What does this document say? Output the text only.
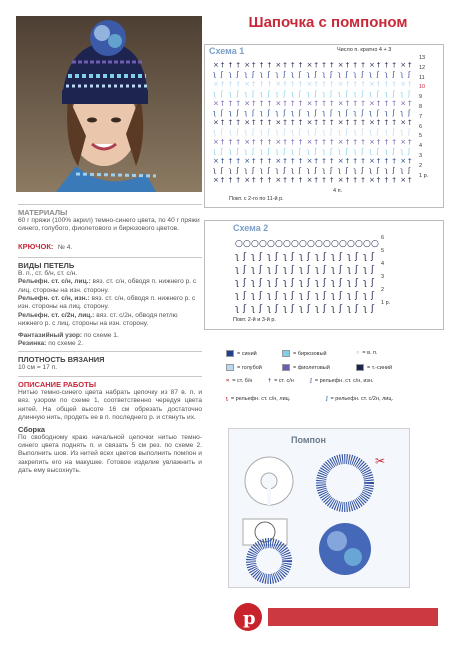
Шапочка с помпоном
Схема 1	Число п. кратно 4 + 3
× † † † × † † † × † † † × † † † × † † † × † † † × †
ʅ ʃ ʅ ʃ ʅ ʃ ʅ ʃ ʅ ʃ ʅ ʃ ʅ ʃ ʅ ʃ ʅ ʃ ʅ ʃ ʅ ʃ ʅ ʃ ʅ ʃ
× † † † × † † † × † † † × † † † × † † † × † † † × †
ʅ ʃ ʅ ʃ ʅ ʃ ʅ ʃ ʅ ʃ ʅ ʃ ʅ ʃ ʅ ʃ ʅ ʃ ʅ ʃ ʅ ʃ ʅ ʃ ʅ ʃ
× † † † × † † † × † † † × † † † × † † † × † † † × †
ʅ ʃ ʅ ʃ ʅ ʃ ʅ ʃ ʅ ʃ ʅ ʃ ʅ ʃ ʅ ʃ ʅ ʃ ʅ ʃ ʅ ʃ ʅ ʃ ʅ ʃ
× † † † × † † † × † † † × † † † × † † † × † † † × †
ʅ ʃ ʅ ʃ ʅ ʃ ʅ ʃ ʅ ʃ ʅ ʃ ʅ ʃ ʅ ʃ ʅ ʃ ʅ ʃ ʅ ʃ ʅ ʃ ʅ ʃ
× † † † × † † † × † † † × † † † × † † † × † † † × †
ʅ ʃ ʅ ʃ ʅ ʃ ʅ ʃ ʅ ʃ ʅ ʃ ʅ ʃ ʅ ʃ ʅ ʃ ʅ ʃ ʅ ʃ ʅ ʃ ʅ ʃ
× † † † × † † † × † † † × † † † × † † † × † † † × †
ʅ ʃ ʅ ʃ ʅ ʃ ʅ ʃ ʅ ʃ ʅ ʃ ʅ ʃ ʅ ʃ ʅ ʃ ʅ ʃ ʅ ʃ ʅ ʃ ʅ ʃ
× † † † × † † † × † † † × † † † × † † † × † † † × †
13
12
11
10
9
8
7
6
5
4
3
2
1 р.
4 п.
Повт. с 2-го по 11-й р.
Схема 2
○ ○ ○ ○ ○ ○ ○ ○ ○ ○ ○ ○ ○ ○ ○ ○ ○ ○
ʅ ʃ ʅ ʃ ʅ ʃ ʅ ʃ ʅ ʃ ʅ ʃ ʅ ʃ ʅ ʃ ʅ ʃ
ʅ ʃ ʅ ʃ ʅ ʃ ʅ ʃ ʅ ʃ ʅ ʃ ʅ ʃ ʅ ʃ ʅ ʃ
ʅ ʃ ʅ ʃ ʅ ʃ ʅ ʃ ʅ ʃ ʅ ʃ ʅ ʃ ʅ ʃ ʅ ʃ
ʅ ʃ ʅ ʃ ʅ ʃ ʅ ʃ ʅ ʃ ʅ ʃ ʅ ʃ ʅ ʃ ʅ ʃ
ʅ ʃ ʅ ʃ ʅ ʃ ʅ ʃ ʅ ʃ ʅ ʃ ʅ ʃ ʅ ʃ ʅ ʃ
6
5
4
3
2
1 р.
Повт. 2-й и 3-й р.
= синий	= бирюзовый	○ = в. п.
= голубой	= фиолетовый	= т.-синий
× = ст. б/н	† = ст. с/н	ʃ = рельефн. ст. с/н, изн.
ʅ = рельефн. ст. с/н, лиц.	∫ = рельефн. ст. с/2н, лиц.
МАТЕРИАЛЫ
60 г пряжи (100% акрил) темно-синего цвета, по 40 г пряжи синего, голубого, фиолетового и бирюзового цветов.
КРЮЧОК: № 4.
ВИДЫ ПЕТЕЛЬ
В. п., ст. б/н, ст. с/н.
Рельефн. ст. с/н, лиц.: вяз. ст. с/н, обводя п. нижнего р. с лиц. стороны на изн. сторону.
Рельефн. ст. с/н, изн.: вяз. ст. с/н, обводя п. нижнего р. с изн. стороны на лиц. сторону.
Рельефн. ст. с/2н, лиц.: вяз. ст. с/2н, обводя петлю нижнего р. с лиц. стороны на изн. сторону.
Фантазийный узор: по схеме 1.
Резинка: по схеме 2.
ПЛОТНОСТЬ ВЯЗАНИЯ
10 см = 17 п.
ОПИСАНИЕ РАБОТЫ
Нитью темно-синего цвета набрать цепочку из 87 в. п. и вяз. узором по схеме 1, соответственно чередуя цвета нитей. На общей высоте 16 см обрезать достаточно длинную нить, продеть ее в п. последнего р. и стянуть их.
Сборка
По свободному краю начальной цепочки нитью темно-синего цвета поднять п. и связать 5 см рез. по схеме 2. Выполнить шов. Из нитей всех цветов выполнить помпон и закрепить его на макушке. Готовое изделие увлажнить и дать ему высохнуть.
Помпон
✂
p
